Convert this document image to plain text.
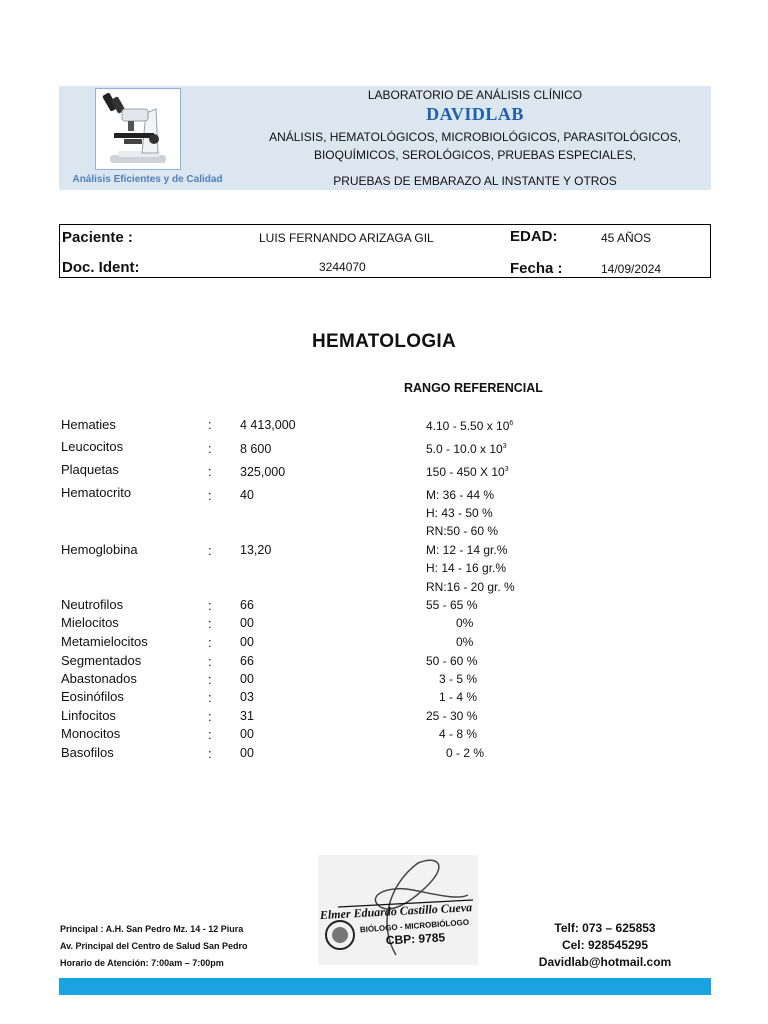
Análisis Eficientes y de Calidad
LABORATORIO DE ANÁLISIS CLÍNICO
DAVIDLAB
ANÁLISIS, HEMATOLÓGICOS, MICROBIOLÓGICOS, PARASITOLÓGICOS,
BIOQUÍMICOS, SEROLÓGICOS, PRUEBAS ESPECIALES,
PRUEBAS DE EMBARAZO AL INSTANTE Y OTROS
Paciente :	LUIS FERNANDO ARIZAGA GIL	EDAD:	45 AÑOS
Doc. Ident:	3244070	Fecha :	14/09/2024
HEMATOLOGIA
RANGO REFERENCIAL
Hematies	: 4 413,000	4.10 - 5.50 x $10^6$
Leucocitos	: 8 600	5.0 - 10.0 x $10^3$
Plaquetas	: 325,000	150 - 450 X $10^3$
Hematocrito	: 40	M: 36 - 44 %
H: 43 - 50 %
RN:50 - 60 %
Hemoglobina	: 13,20	M: 12 - 14 gr.%
H: 14 - 16 gr.%
RN:16 - 20 gr. %
Neutrofilos	: 66	55 - 65 %
Mielocitos	: 00	0%
Metamielocitos	: 00	0%
Segmentados	: 66	50 - 60 %
Abastonados	: 00	3 - 5 %
Eosinófilos	: 03	1 - 4 %
Linfocitos	: 31	25 - 30 %
Monocitos	: 00	4 - 8 %
Basofilos	: 00	0 - 2 %
Elmer Eduardo Castillo Cueva
BIÓLOGO - MICROBIÓLOGO
CBP: 9785
Principal : A.H. San Pedro Mz. 14 - 12 Piura
Av. Principal del Centro de Salud San Pedro
Horario de Atención: 7:00am – 7:00pm
Telf: 073 – 625853
Cel: 928545295
Davidlab@hotmail.com
